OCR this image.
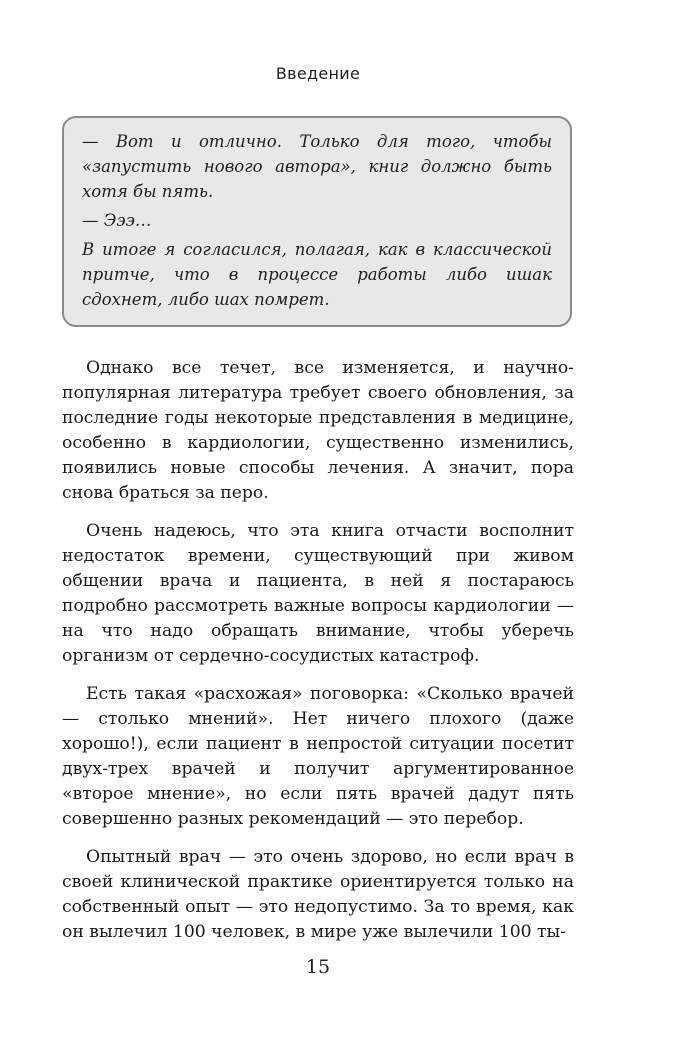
Введение

— Вот и отлично. Только для того, чтобы «запустить нового автора», книг должно быть хотя бы пять.

— Эээ…

В итоге я согласился, полагая, как в классической притче, что в процессе работы либо ишак сдохнет, либо шах помрет.

Однако все течет, все изменяется, и научно-популярная литература требует своего обновления, за последние годы некоторые представления в медицине, особенно в кардиологии, существенно изменились, появились новые способы лечения. А значит, пора снова браться за перо.

Очень надеюсь, что эта книга отчасти восполнит недостаток времени, существующий при живом общении врача и пациента, в ней я постараюсь подробно рассмотреть важные вопросы кардиологии — на что надо обращать внимание, чтобы уберечь организм от сердечно-сосудистых катастроф.

Есть такая «расхожая» поговорка: «Сколько врачей — столько мнений». Нет ничего плохого (даже хорошо!), если пациент в непростой ситуации посетит двух-трех врачей и получит аргументированное «второе мнение», но если пять врачей дадут пять совершенно разных рекомендаций — это перебор.

Опытный врач — это очень здорово, но если врач в своей клинической практике ориентируется только на собственный опыт — это недопустимо. За то время, как он вылечил 100 человек, в мире уже вылечили 100 ты-

15
